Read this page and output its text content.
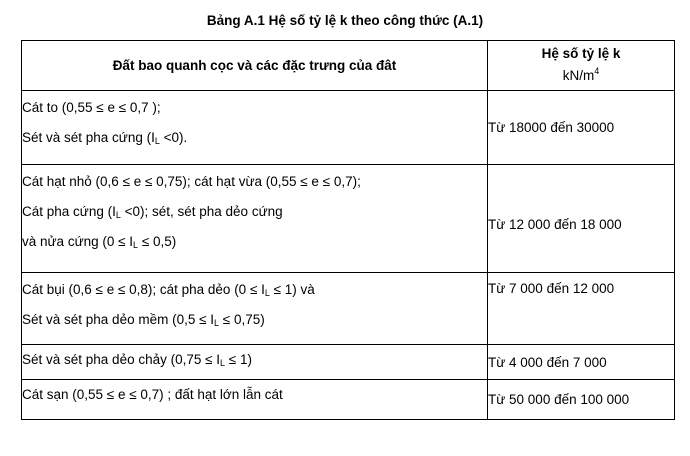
Bảng A.1 Hệ số tỷ lệ k theo công thức (A.1)
Đất bao quanh cọc và các đặc trưng của đât	Hệ số tỷ lệ k
$kN/m^4$

Cát to (0,55 ≤ e ≤ 0,7 );
Sét và sét pha cứng $(I_L <0)$.	Từ 18000 đến 30000

Cát hạt nhỏ (0,6 ≤ e ≤ 0,75); cát hạt vừa (0,55 ≤ e ≤ 0,7);
Cát pha cứng $(I_L <0)$; sét, sét pha dẻo cứng
và nửa cứng $(0 \le I_L \le 0,5)$	Từ 12 000 đến 18 000

Cát bụi (0,6 ≤ e ≤ 0,8); cát pha dẻo $(0 \le I_L \le 1)$ và
Sét và sét pha dẻo mềm $(0,5 \le I_L \le 0,75)$	Từ 7 000 đến 12 000

Sét và sét pha dẻo chảy $(0,75 \le I_L \le 1)$	Từ 4 000 đến 7 000

Cát sạn (0,55 ≤ e ≤ 0,7) ; đất hạt lớn lẫn cát	Từ 50 000 đến 100 000
